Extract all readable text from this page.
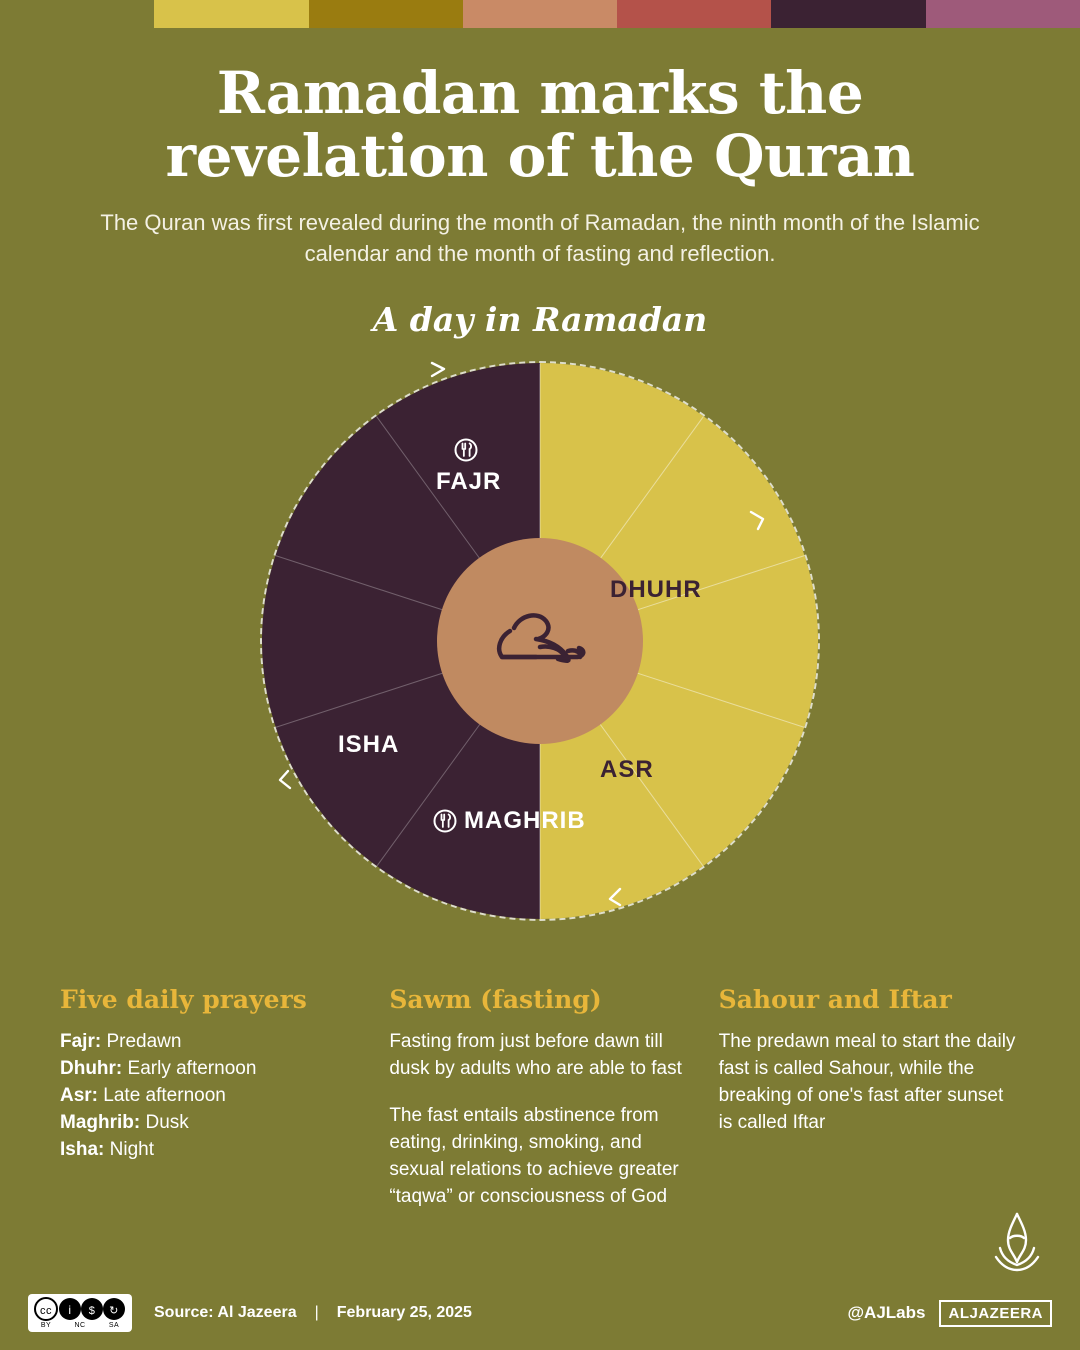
Ramadan marks the revelation of the Quran

The Quran was first revealed during the month of Ramadan, the ninth month of the Islamic calendar and the month of fasting and reflection.

A day in Ramadan
FAJR
DHUHR
ASR
MAGHRIB
ISHA
Five daily prayers
Fajr: Predawn
Dhuhr: Early afternoon
Asr: Late afternoon
Maghrib: Dusk
Isha: Night
Sawm (fasting)

Fasting from just before dawn till dusk by adults who are able to fast

The fast entails abstinence from eating, drinking, smoking, and sexual relations to achieve greater “taqwa” or consciousness of God

Sahour and Iftar

The predawn meal to start the daily fast is called Sahour, while the breaking of one's fast after sunset is called Iftar

cc i $ ↻
BY	NC	SA
Source: Al Jazeera | February 25, 2025	@AJLabs	ALJAZEERA
